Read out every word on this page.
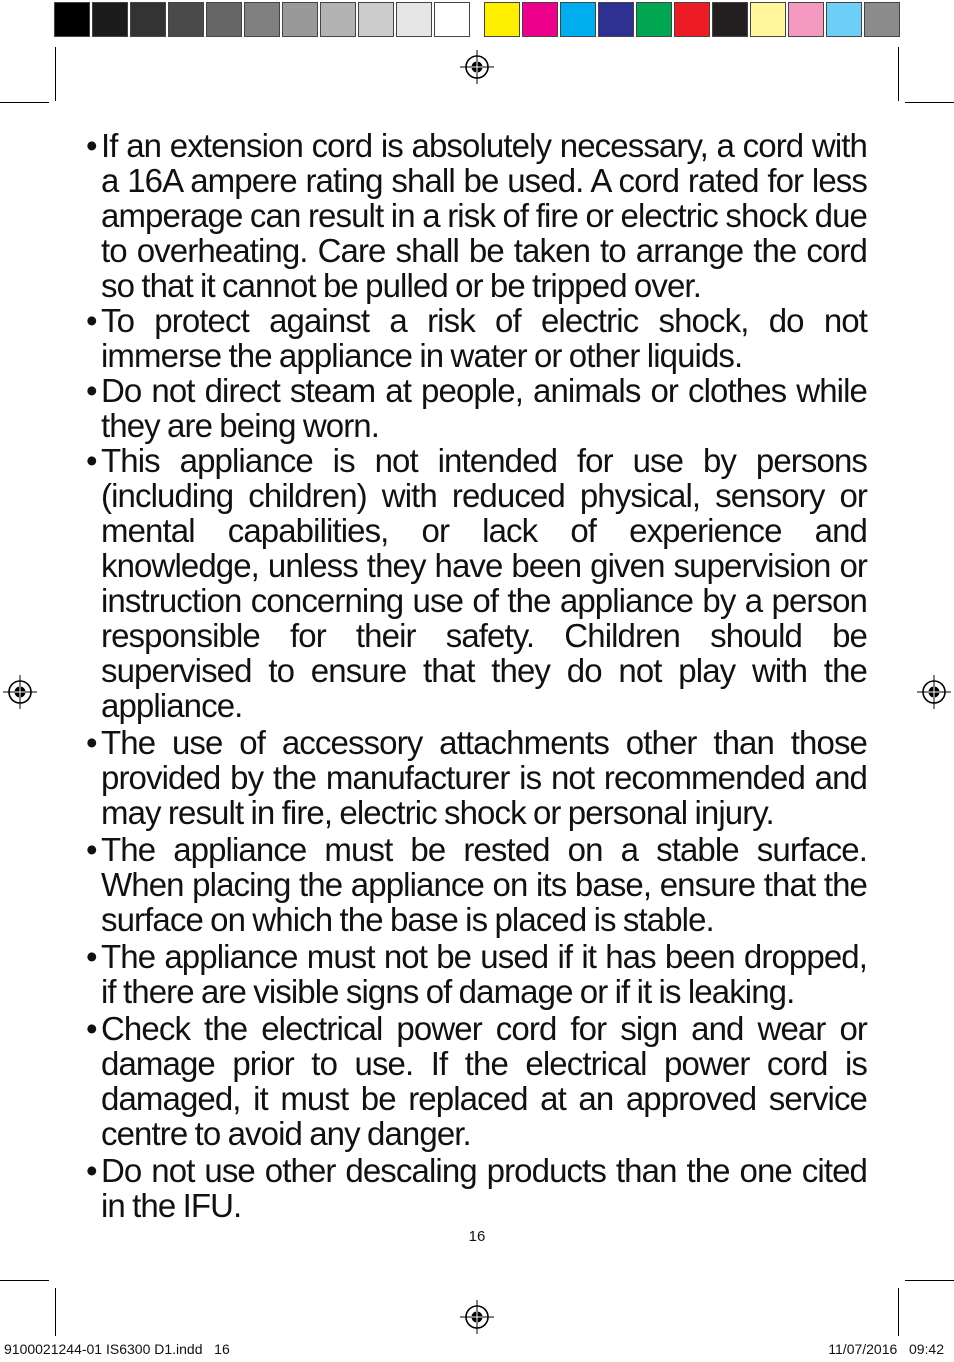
• If an extension cord is absolutely necessary, a cord with a 16A ampere rating shall be used. A cord rated for less amperage can result in a risk of fire or electric shock due to overheating. Care shall be taken to arrange the cord so that it cannot be pulled or be tripped over.

• To protect against a risk of electric shock, do not immerse the appliance in water or other liquids.

• Do not direct steam at people, animals or clothes while they are being worn.

• This appliance is not intended for use by persons (including children) with reduced physical, sensory or mental capabilities, or lack of experience and knowledge, unless they have been given supervision or instruction concerning use of the appliance by a person responsible for their safety. Children should be supervised to ensure that they do not play with the appliance.

• The use of accessory attachments other than those provided by the manufacturer is not recommended and may result in fire, electric shock or personal injury.

• The appliance must be rested on a stable surface. When placing the appliance on its base, ensure that the surface on which the base is placed is stable.

• The appliance must not be used if it has been dropped, if there are visible signs of damage or if it is leaking.

• Check the electrical power cord for sign and wear or damage prior to use. If the electrical power cord is damaged, it must be replaced at an approved service centre to avoid any danger.

• Do not use other descaling products than the one cited in the IFU.

16
9100021244-01 IS6300 D1.indd   16	11/07/2016   09:42
